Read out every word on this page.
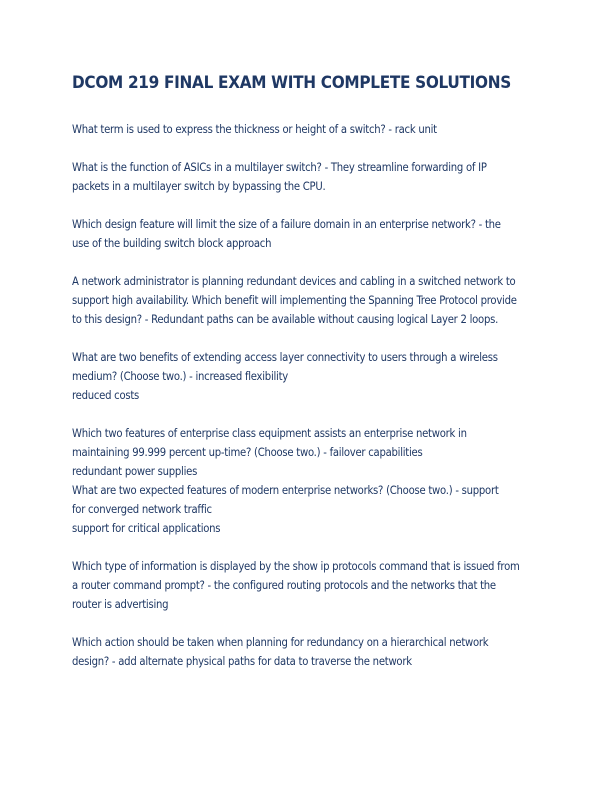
DCOM 219 FINAL EXAM WITH COMPLETE SOLUTIONS

What term is used to express the thickness or height of a switch? - rack unit

What is the function of ASICs in a multilayer switch? - They streamline forwarding of IP
packets in a multilayer switch by bypassing the CPU.

Which design feature will limit the size of a failure domain in an enterprise network? - the
use of the building switch block approach

A network administrator is planning redundant devices and cabling in a switched network to
support high availability. Which benefit will implementing the Spanning Tree Protocol provide
to this design? - Redundant paths can be available without causing logical Layer 2 loops.

What are two benefits of extending access layer connectivity to users through a wireless
medium? (Choose two.) - increased flexibility
reduced costs

Which two features of enterprise class equipment assists an enterprise network in
maintaining 99.999 percent up-time? (Choose two.) - failover capabilities
redundant power supplies
What are two expected features of modern enterprise networks? (Choose two.) - support
for converged network traffic
support for critical applications

Which type of information is displayed by the show ip protocols command that is issued from
a router command prompt? - the configured routing protocols and the networks that the
router is advertising

Which action should be taken when planning for redundancy on a hierarchical network
design? - add alternate physical paths for data to traverse the network
